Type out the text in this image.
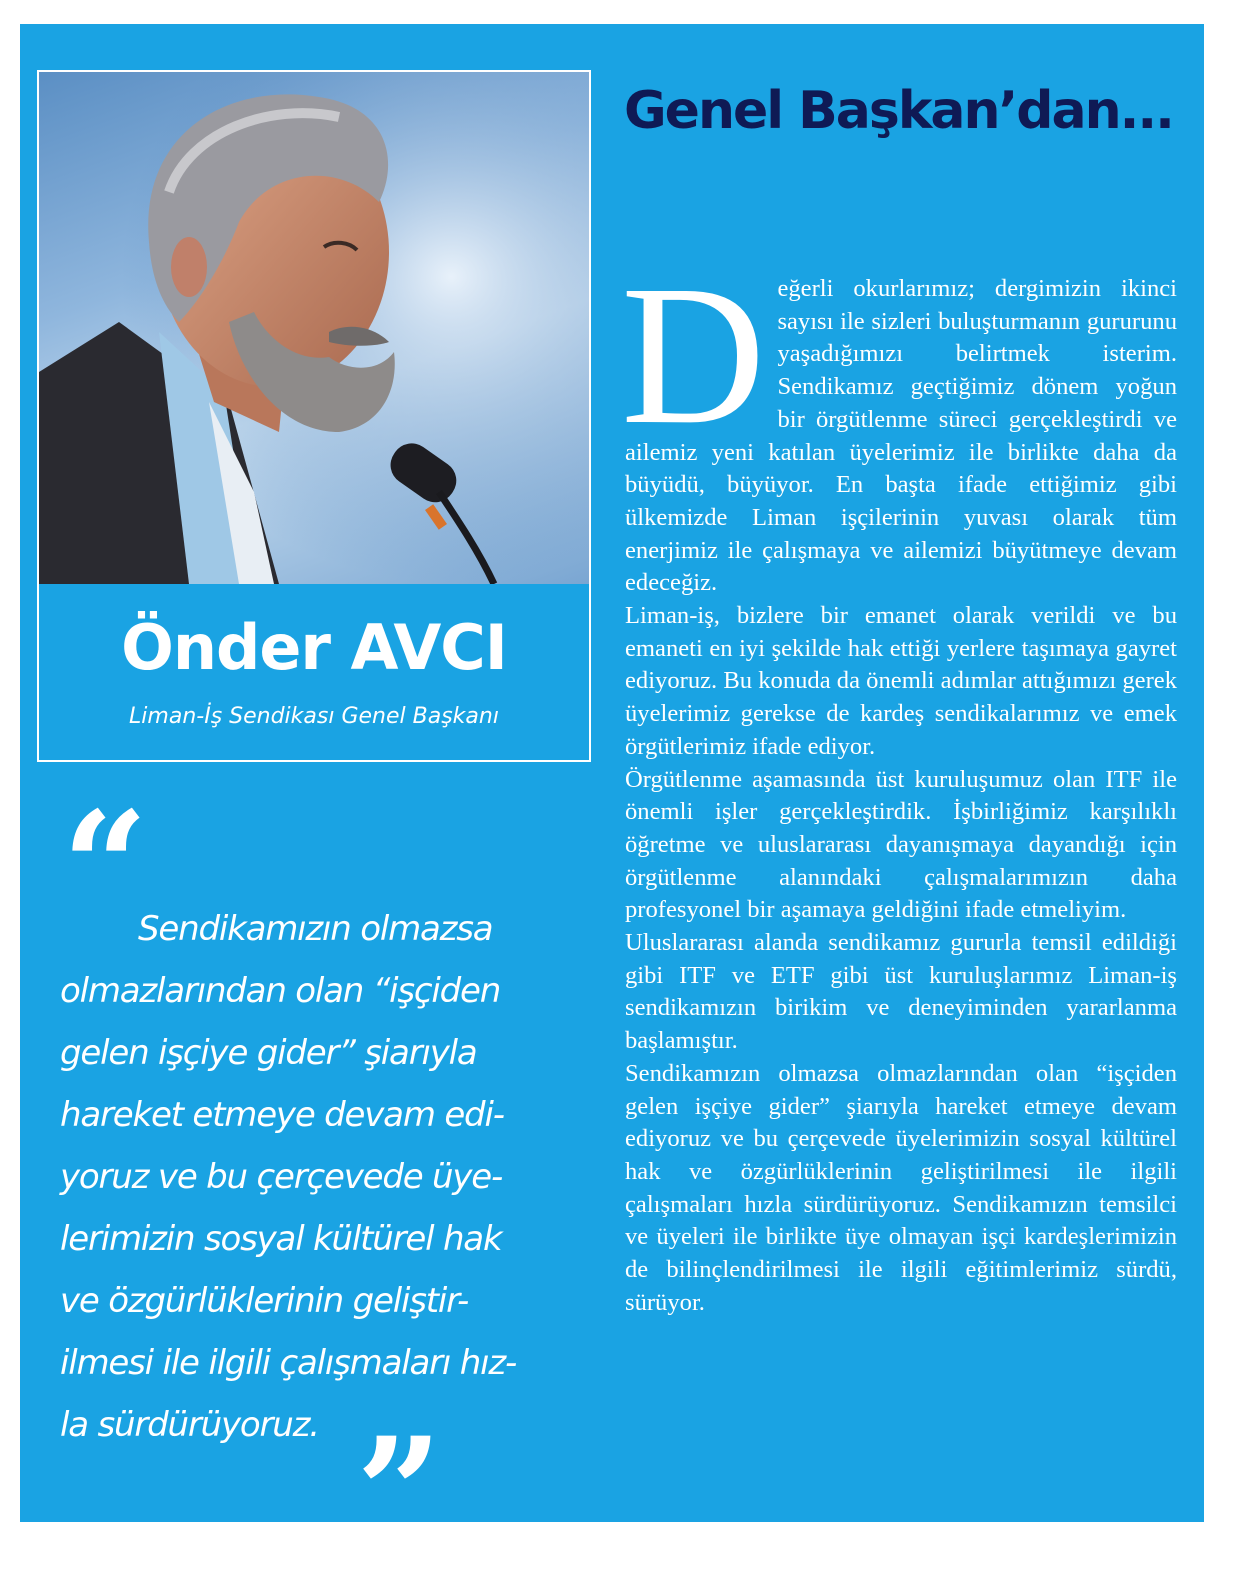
Önder AVCI
Liman-İş Sendikası Genel Başkanı
“

Sendikamızın olmazsa
olmazlarından olan “işçiden
gelen işçiye gider” şiarıyla
hareket etmeye devam edi-
yoruz ve bu çerçevede üye-
lerimizin sosyal kültürel hak
ve özgürlüklerinin geliştir-
ilmesi ile ilgili çalışmaları hız-
la sürdürüyoruz. ”
Genel Başkan’dan...

Değerli okurlarımız; dergimizin ikinci sayısı ile sizleri buluşturmanın gururunu yaşadığımızı belirtmek isterim. Sendikamız geçtiğimiz dönem yoğun bir örgütlenme süreci gerçekleştirdi ve ailemiz yeni katılan üyelerimiz ile birlikte daha da büyüdü, büyüyor. En başta ifade ettiğimiz gibi ülkemizde Liman işçilerinin yuvası olarak tüm enerjimiz ile çalışmaya ve ailemizi büyütmeye devam edeceğiz.

Liman-iş, bizlere bir emanet olarak verildi ve bu emaneti en iyi şekilde hak ettiği yerlere taşımaya gayret ediyoruz. Bu konuda da önemli adımlar attığımızı gerek üyelerimiz gerekse de kardeş sendikalarımız ve emek örgütlerimiz ifade ediyor.

Örgütlenme aşamasında üst kuruluşumuz olan ITF ile önemli işler gerçekleştirdik. İşbirliğimiz karşılıklı öğretme ve uluslararası dayanışmaya dayandığı için örgütlenme alanındaki çalışmalarımızın daha profesyonel bir aşamaya geldiğini ifade etmeliyim.

Uluslararası alanda sendikamız gururla temsil edildiği gibi ITF ve ETF gibi üst kuruluşlarımız Liman-iş sendikamızın birikim ve deneyiminden yararlanma başlamıştır.

Sendikamızın olmazsa olmazlarından olan “işçiden gelen işçiye gider” şiarıyla hareket etmeye devam ediyoruz ve bu çerçevede üyelerimizin sosyal kültürel hak ve özgürlüklerinin geliştirilmesi ile ilgili çalışmaları hızla sürdürüyoruz. Sendikamızın temsilci ve üyeleri ile birlikte üye olmayan işçi kardeşlerimizin de bilinçlendirilmesi ile ilgili eğitimlerimiz sürdü, sürüyor.
